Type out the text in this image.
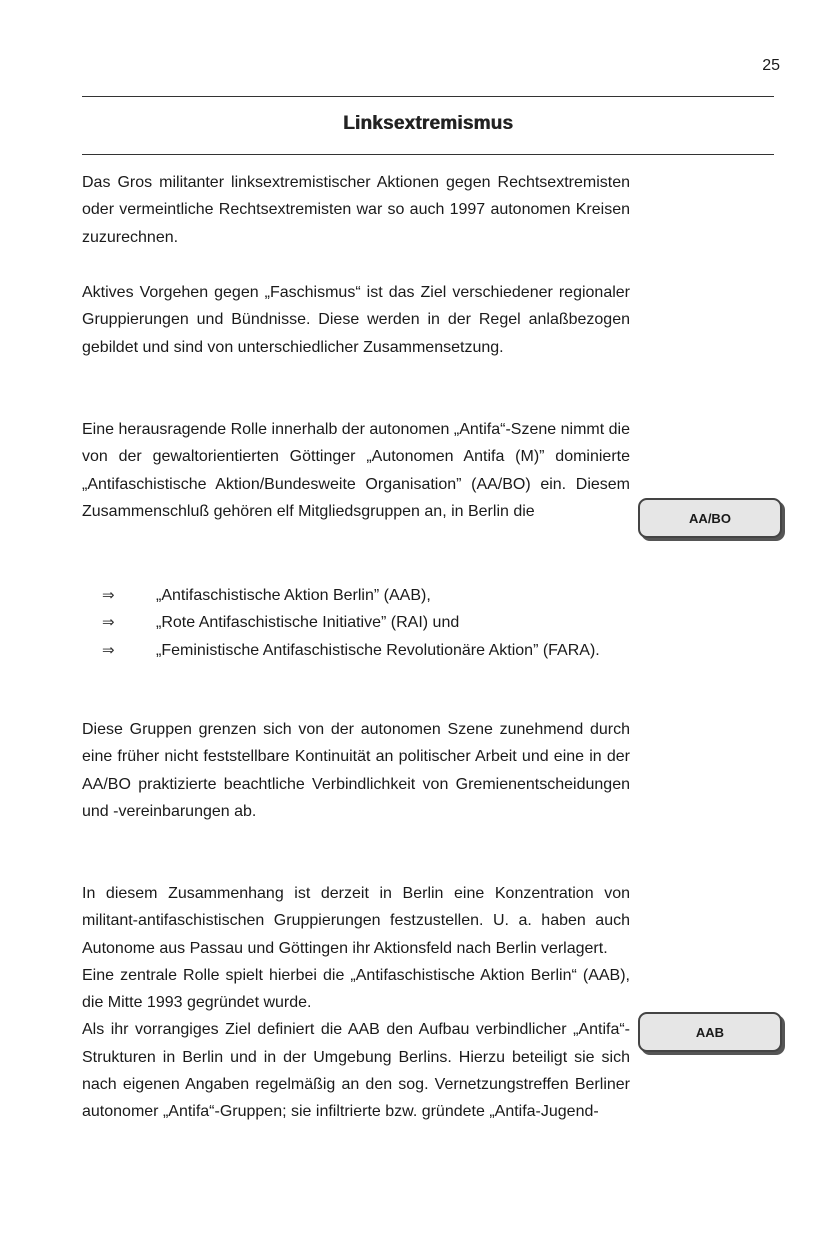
25
Linksextremismus

Das Gros militanter linksextremistischer Aktionen gegen Rechtsextremisten oder vermeintliche Rechtsextremisten war so auch 1997 autonomen Kreisen zuzurechnen.

Aktives Vorgehen gegen „Faschismus“ ist das Ziel verschiedener regionaler Gruppierungen und Bündnisse. Diese werden in der Regel anlaßbezogen gebildet und sind von unterschiedlicher Zusammensetzung.

Eine herausragende Rolle innerhalb der autonomen „Antifa“-Szene nimmt die von der gewaltorientierten Göttinger „Autonomen Antifa (M)” dominierte „Antifaschistische Aktion/Bundesweite Organisation” (AA/BO) ein. Diesem Zusammenschluß gehören elf Mitgliedsgruppen an, in Berlin die	AA/BO
⇒	„Antifaschistische Aktion Berlin” (AAB),
⇒	„Rote Antifaschistische Initiative” (RAI) und
⇒	„Feministische Antifaschistische Revolutionäre Aktion” (FARA).

Diese Gruppen grenzen sich von der autonomen Szene zunehmend durch eine früher nicht feststellbare Kontinuität an politischer Arbeit und eine in der AA/BO praktizierte beachtliche Verbindlichkeit von Gremienentscheidungen und -vereinbarungen ab.

In diesem Zusammenhang ist derzeit in Berlin eine Konzentration von militant-antifaschistischen Gruppierungen festzustellen. U. a. haben auch Autonome aus Passau und Göttingen ihr Aktionsfeld nach Berlin verlagert.

Eine zentrale Rolle spielt hierbei die „Antifaschistische Aktion Berlin“ (AAB), die Mitte 1993 gegründet wurde.

Als ihr vorrangiges Ziel definiert die AAB den Aufbau verbindlicher „Antifa“-Strukturen in Berlin und in der Umgebung Berlins. Hierzu beteiligt sie sich nach eigenen Angaben regelmäßig an den sog. Vernetzungstreffen Berliner autonomer „Antifa“-Gruppen; sie infiltrierte bzw. gründete „Antifa-Jugend-

AAB
